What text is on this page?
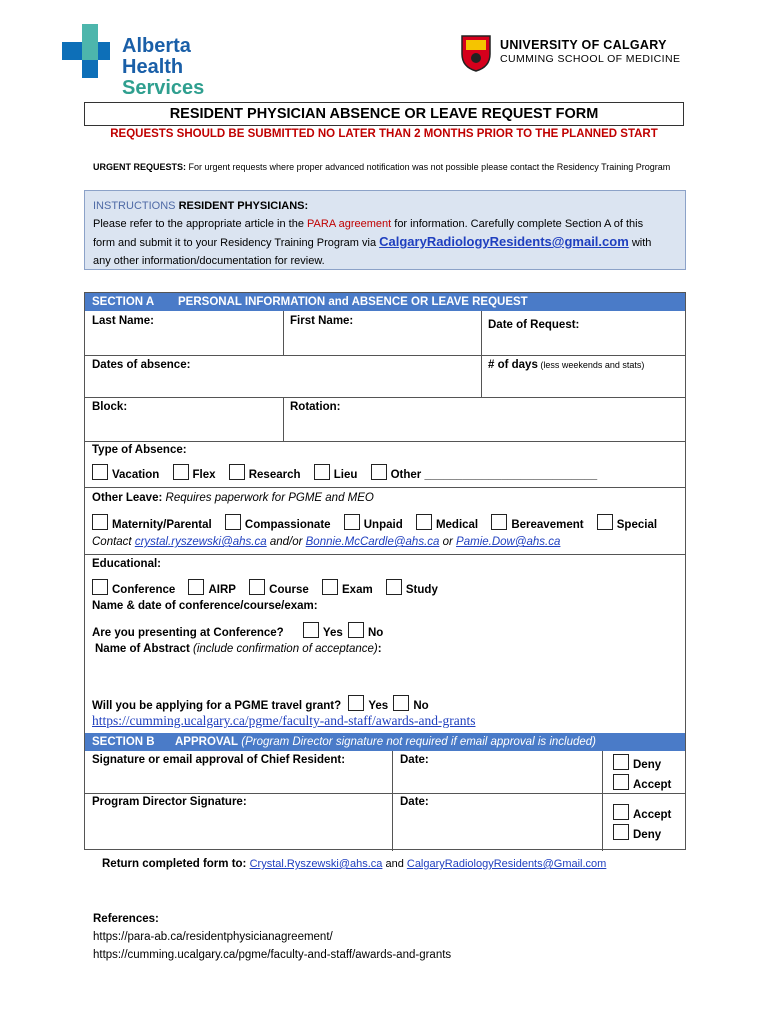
Alberta Health
Services
UNIVERSITY OF CALGARY
CUMMING SCHOOL OF MEDICINE
RESIDENT PHYSICIAN ABSENCE OR LEAVE REQUEST FORM
REQUESTS SHOULD BE SUBMITTED NO LATER THAN 2 MONTHS PRIOR TO THE PLANNED START
URGENT REQUESTS: For urgent requests where proper advanced notification was not possible please contact the Residency Training Program
INSTRUCTIONS RESIDENT PHYSICIANS:
Please refer to the appropriate article in the PARA agreement for information. Carefully complete Section A of this
form and submit it to your Residency Training Program via CalgaryRadiologyResidents@gmail.com with
any other information/documentation for review.
SECTION A PERSONAL INFORMATION and ABSENCE OR LEAVE REQUEST
Last Name:	First Name:	Date of Request:
Dates of absence:	# of days (less weekends and stats)
Block:	Rotation:
Type of Absence:
Vacation	Flex	Research	Lieu	Other ___________________________
Other Leave: Requires paperwork for PGME and MEO
Maternity/Parental	Compassionate	Unpaid	Medical	Bereavement	Special
Contact crystal.ryszewski@ahs.ca and/or Bonnie.McCardle@ahs.ca or Pamie.Dow@ahs.ca
Educational:
Conference	AIRP	Course	Exam	Study
Name & date of conference/course/exam:
Are you presenting at Conference?	Yes No
Name of Abstract (include confirmation of acceptance):
Will you be applying for a PGME travel grant? Yes No
https://cumming.ucalgary.ca/pgme/faculty-and-staff/awards-and-grants
SECTION B APPROVAL (Program Director signature not required if email approval is included)
Signature or email approval of Chief Resident:	Date:	Deny
Accept
Program Director Signature:	Date:
Accept
Deny
Return completed form to: Crystal.Ryszewski@ahs.ca and CalgaryRadiologyResidents@Gmail.com
References:
https://para-ab.ca/residentphysicianagreement/
https://cumming.ucalgary.ca/pgme/faculty-and-staff/awards-and-grants
